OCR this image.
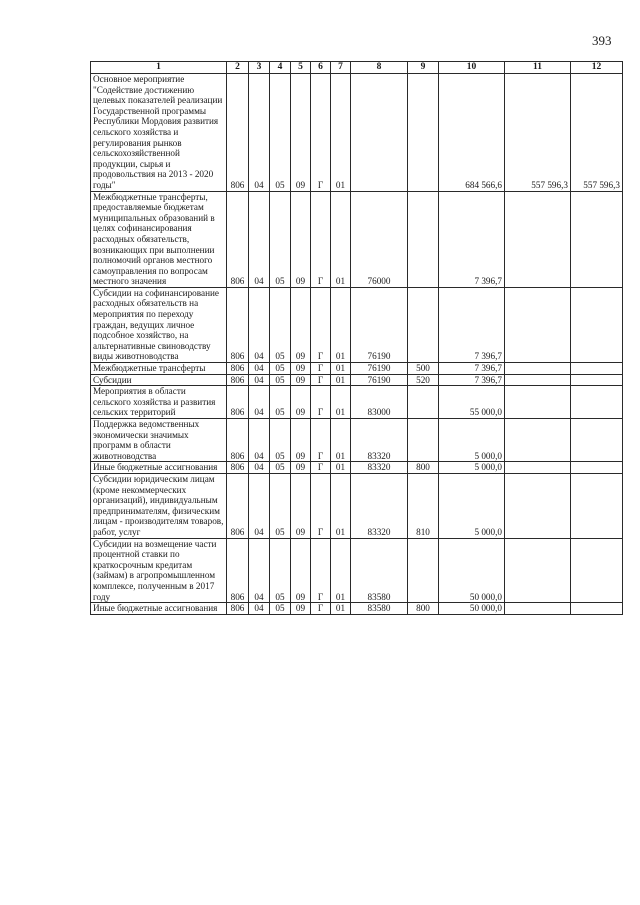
393
1	2	3	4	5	6	7	8	9	10	11	12
Основное мероприятие "Содействие достижению целевых показателей реализации Государственной программы Республики Мордовия развития сельского хозяйства и регулирования рынков сельскохозяйственной продукции, сырья и продовольствия на 2013 - 2020 годы"	806	04	05	09	Г	01			684 566,6	557 596,3	557 596,3
Межбюджетные трансферты, предоставляемые бюджетам муниципальных образований в целях софинансирования расходных обязательств, возникающих при выполнении полномочий органов местного самоуправления по вопросам местного значения	806	04	05	09	Г	01	76000		7 396,7		
Субсидии на софинансирование расходных обязательств на мероприятия по переходу граждан, ведущих личное подсобное хозяйство, на альтернативные свиноводству виды животноводства	806	04	05	09	Г	01	76190		7 396,7		
Межбюджетные трансферты	806	04	05	09	Г	01	76190	500	7 396,7		
Субсидии	806	04	05	09	Г	01	76190	520	7 396,7		
Мероприятия в области сельского хозяйства и развития сельских территорий	806	04	05	09	Г	01	83000		55 000,0		
Поддержка ведомственных экономически значимых программ в области животноводства	806	04	05	09	Г	01	83320		5 000,0		
Иные бюджетные ассигнования	806	04	05	09	Г	01	83320	800	5 000,0		
Субсидии юридическим лицам (кроме некоммерческих организаций), индивидуальным предпринимателям, физическим лицам - производителям товаров, работ, услуг	806	04	05	09	Г	01	83320	810	5 000,0		
Субсидии на возмещение части процентной ставки по краткосрочным кредитам (займам) в агропромышленном комплексе, полученным в 2017 году	806	04	05	09	Г	01	83580		50 000,0		
Иные бюджетные ассигнования	806	04	05	09	Г	01	83580	800	50 000,0		
